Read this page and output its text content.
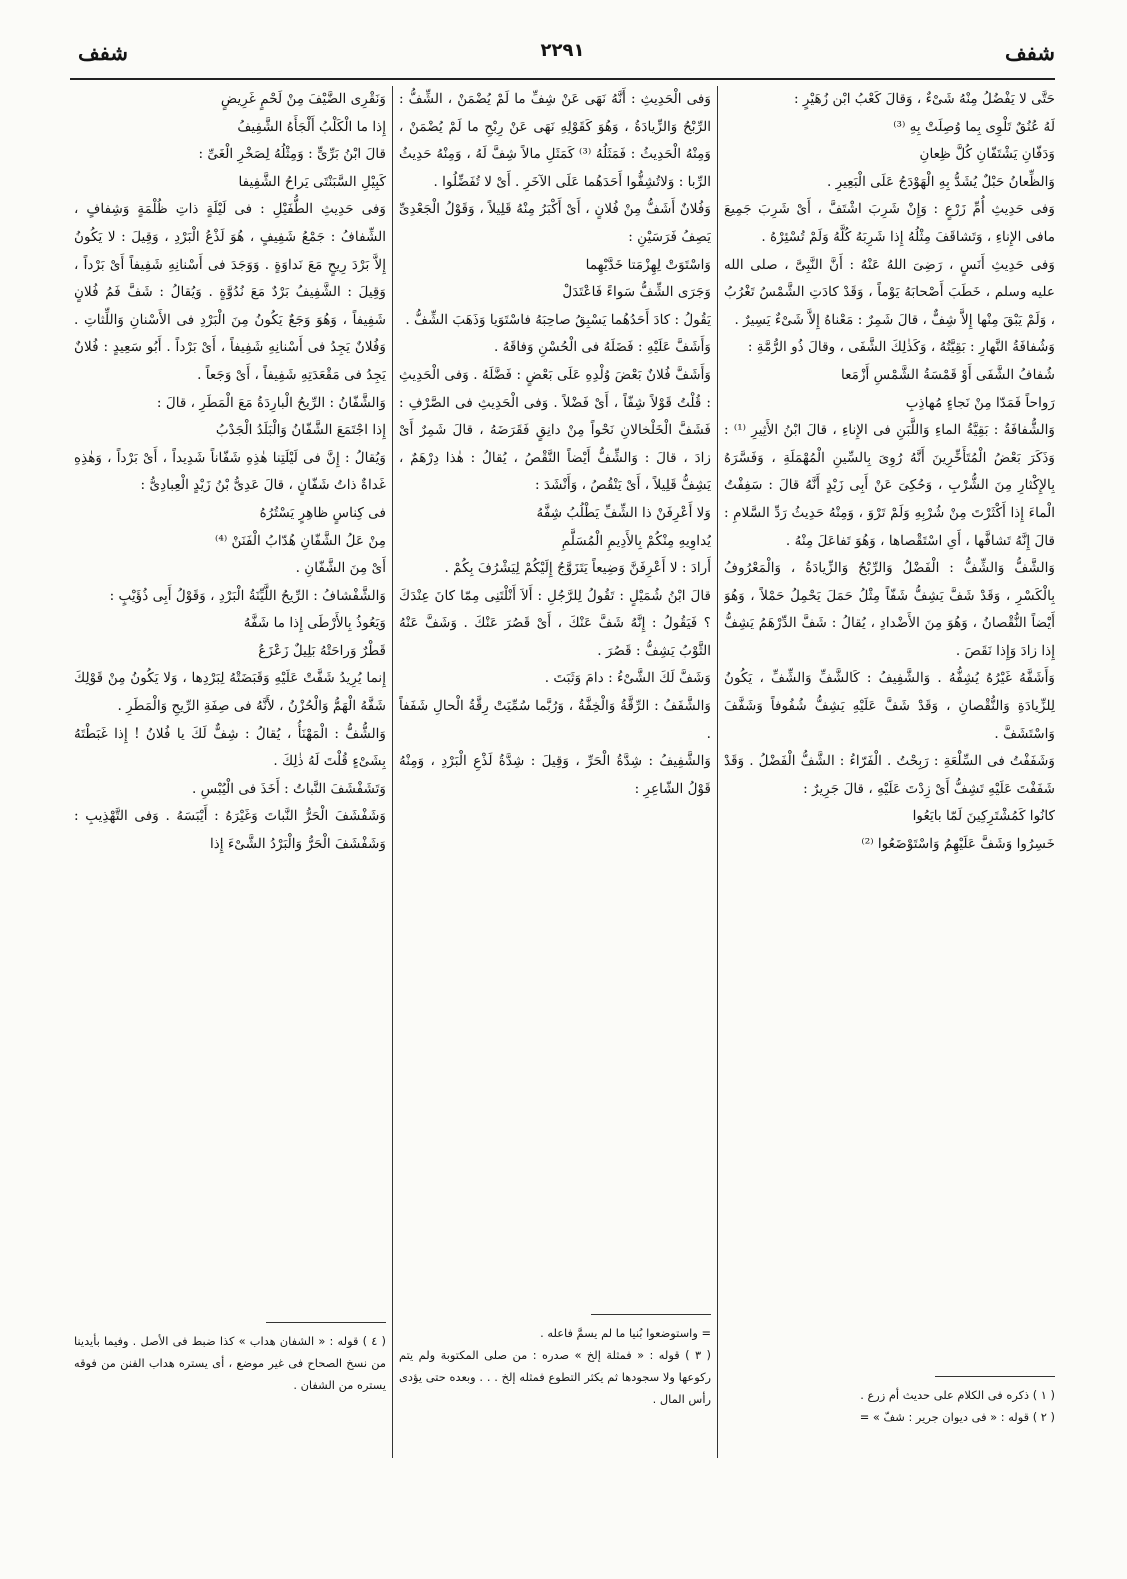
شفف
٢٢٩١
شفف

حَتَّى لا يَفْضُلُ مِنْهُ شَىْءٌ ، وَقالَ كَعْبُ ابْن زُهَيْرٍ :

لَهُ عُنُقٌ تَلْوِى بِما وُصِلَتْ بِهِ ⁽³⁾

وَدَفّانِ يَشْتَفّانِ كُلَّ ظِعانِ

وَالظِّعانُ حَبْلٌ يُشَدُّ بِهِ الْهَوْدَجُ عَلَى الْبَعِيرِ .

وَفى حَدِيثِ أُمِّ زَرْعٍ : وَإِنْ شَرِبَ اشْتَفَّ ، أَىْ شَرِبَ جَمِيعَ مافى الإِناءِ ، وَتَشاقَفَ مِثْلُهُ إِذا شَرِبَهُ كُلَّهُ وَلَمْ تُسْئِرْهُ .

وَفى حَدِيثِ أَنَسٍ ، رَضِىَ اللهُ عَنْهُ : أَنَّ النَّبِىَّ ، صلى الله عليه وسلم ، خَطَبَ أَصْحابَهُ يَوْماً ، وَقَدْ كادَتِ الشَّمْسُ تَغْرُبُ ، وَلَمْ يَبْقَ مِنْها إِلاَّ شِفٌّ ، قالَ شَمِرٌ : مَعْناهُ إِلاَّ شَىْءٌ يَسِيرٌ .

وَشُفافَةُ النَّهارِ : بَقِيَّتُهُ ، وَكَذٰلِكَ الشَّفَى ، وقالَ ذُو الرُّمَّةِ :

شُفافُ الشَّفَى أَوْ قَمْسَةُ الشَّمْسِ أَزْمَعا

رَواحاً فَمَدّا مِنْ نَجاءٍ مُهاذِبِ

وَالشُّفافَةُ : بَقِيَّةُ الماءِ وَاللَّبَنِ فى الإِناءِ ، قالَ ابْنُ الأَثِيرِ ⁽¹⁾ : وَذَكَرَ بَعْضُ الْمُتَأَخِّرِينَ أَنَّهُ رُوِىَ بِالسِّينِ الْمُهْمَلَةِ ، وَفَسَّرَهُ بِالإِكْثارِ مِنَ الشُّرْبِ ، وَحُكِىَ عَنْ أَبِى زَيْدٍ أَنَّهُ قالَ : سَفِفْتُ الْماءَ إِذا أَكْثَرْتَ مِنْ شُرْبِهِ وَلَمْ تَرْوَ ، وَمِنْهُ حَدِيثُ رَدِّ السَّلامِ : قالَ إِنَّهُ تَشافَّها ، أَىِ اسْتَقْصاها ، وَهُوَ تَفاعَلَ مِنْهُ .

وَالشَّفُّ وَالشِّفُّ : الْفَضْلُ وَالرِّبْحُ وَالزِّيادَةُ ، وَالْمَعْرُوفُ بِالْكَسْرِ ، وَقَدْ شَفَّ يَشِفُّ شَفّاً مِثْلُ حَمَلَ يَحْمِلُ حَمْلاً ، وَهُوَ أَيْضاً النُّقْصانُ ، وَهُوَ مِنَ الأَضْدادِ ، يُقالُ : شَفَّ الدِّرْهَمُ يَشِفُّ إِذا زادَ وَإِذا نَقَصَ .

وَأَشَفَّهُ غَيْرُهُ يُشِفُّهُ . وَالشَّفِيفُ : كَالشَّفِّ وَالشِّفِّ ، يَكُونُ لِلزِّيادَةِ وَالنُّقْصانِ ، وَقَدْ شَفَّ عَلَيْهِ يَشِفُّ شُفُوفاً وَشَفَّفَ وَاسْتَشَفَّ .

وَشَفَفْتُ فى السِّلْعَةِ : رَبِحْتُ . الْفَرّاءُ : الشَّفُّ الْفَضْلُ . وَقَدْ شَفَفْتَ عَلَيْهِ تَشِفُّ أَىْ زِدْتَ عَلَيْهِ ، قالَ جَرِيرٌ :

كانُوا كَمُشْتَرِكِينَ لَمّا بايَعُوا

خَسِرُوا وَشَفَّ عَلَيْهِمُ وَاسْتَوْضَعُوا ⁽²⁾

وَفى الْحَدِيثِ : أَنَّهُ نَهَى عَنْ شِفِّ ما لَمْ يُضْمَنْ ، الشِّفُّ : الرِّبْحُ وَالزِّيادَةُ ، وَهُوَ كَقَوْلِهِ نَهَى عَنْ رِبْحِ ما لَمْ يُضْمَنْ ، وَمِنْهُ الْحَدِيثُ : فَمَثَلُهُ ⁽³⁾ كَمَثَلِ مالاً شِفَّ لَهُ ، وَمِنْهُ حَدِيثُ الرِّبا : وَلاتُشِفُّوا أَحَدَهُما عَلَى الآخَرِ . أَىْ لا تُفَضِّلُوا .

وَفُلانٌ أَشَفُّ مِنْ فُلانٍ ، أَىْ أَكْبَرُ مِنْهُ قَلِيلاً ، وَقَوْلُ الْجَعْدِىِّ يَصِفُ فَرَسَيْنِ :

وَاسْتَوَتْ لِهِزْمَتا خَدَّيْهِما

وَجَرَى الشِّفُّ سَواءً فَاعْتَدَلْ

يَقُولُ : كادَ أَحَدُهُما يَسْبِقُ صاحِبَهُ فاسْتَوَيا وَذَهَبَ الشِّفُّ .

وَأَشَفَّ عَلَيْهِ : فَضَلَهُ فى الْحُسْنِ وَفاقَهُ .

وَأَشَفَّ فُلانٌ بَعْضَ وُلْدِهِ عَلَى بَعْضٍ : فَضَّلَهُ . وَفى الْحَدِيثِ : قُلْتُ قَوْلاً شِفّاً ، أَىْ فَضْلاً . وَفى الْحَدِيثِ فى الصَّرْفِ : فَشَفَّ الْخَلْخالانِ نَحْواً مِنْ دانِقٍ فَقَرَضَهُ ، قالَ شَمِرٌ أَىْ زادَ ، قالَ : وَالشِّفُّ أَيْضاً النَّقْصُ ، يُقالُ : هٰذا دِرْهَمٌ ، يَشِفُّ قَلِيلاً ، أَىْ يَنْقُصُ ، وَأَنْشَدَ :

وَلا أَعْرِفَنْ ذا الشِّفِّ يَطْلُبُ شِفَّهُ

يُداوِيهِ مِنْكُمْ بِالأَدِيمِ الْمُسَلَّمِ

أَرادَ : لا أَعْرِفَنَّ وَضِيعاً يَتَزَوَّجُ إِلَيْكُمْ لِيَشْرُفَ بِكُمْ .

قالَ ابْنُ شُمَيْلٍ : تَقُولُ لِلرَّجُلِ : أَلاَ أَنْلْتَنِى مِمّا كانَ عِنْدَكَ ؟ فَيَقُولُ : إِنَّهُ شَفَّ عَنْكَ ، أَىْ قَصُرَ عَنْكَ . وَشَفَّ عَنْهُ الثَّوْبُ يَشِفُّ : قَصُرَ .

وَشَفَّ لَكَ الشَّىْءُ : دامَ وَثَبَتَ .

وَالشَّفَفُ : الرِّقَّةُ وَالْخِفَّةُ ، وَرُبَّما سُمِّيَتْ رِقَّةُ الْحالِ شَفَفاً .

وَالشَّفِيفُ : شِدَّةُ الْحَرِّ ، وَقِيلَ : شِدَّةُ لَذْعِ الْبَرْدِ ، وَمِنْهُ قَوْلُ الشّاعِرِ :

وَنَقْرِى الضَّيْفَ مِنْ لَحْمٍ غَرِيضٍ

إِذا ما الْكَلْبُ أَلْجَأَهُ الشَّفِيفُ

قالَ ابْنُ بَرِّىٍّ : وَمِثْلُهُ لِصَخْرِ الْغَىِّ :

كَبِيْلِ السَّبَنْتَى يَراحُ الشَّفِيفا

وَفى حَدِيثِ الطُّفَيْلِ : فى لَيْلَةٍ ذاتِ ظُلْمَةٍ وَشِفافٍ ، الشِّفافُ : جَمْعُ شَفِيفٍ ، هُوَ لَذْعُ الْبَرْدِ ، وَقِيلَ : لا يَكُونُ إِلاَّ بَرْدَ رِيحٍ مَعَ نَداوَةٍ . وَوَجَدَ فى أَسْنانِهِ شَفِيفاً أَىْ بَرْداً ، وَقِيلَ : الشَّفِيفُ بَرْدٌ مَعَ نُدُوَّةٍ . وَيُقالُ : شَفَّ فَمُ فُلانٍ شَفِيفاً ، وَهُوَ وَجَعٌ يَكُونُ مِنَ الْبَرْدِ فى الأَسْنانِ وَاللِّثاتِ . وَفُلانٌ يَجِدُ فى أَسْنانِهِ شَفِيفاً ، أَىْ بَرْداً . أَبُو سَعِيدٍ : فُلانٌ يَجِدُ فى مَقْعَدَتِهِ شَفِيفاً ، أَىْ وَجَعاً .

وَالشَّفّانُ : الرِّيحُ الْبارِدَةُ مَعَ الْمَطَرِ ، قالَ :

إِذا اجْتَمَعَ الشَّفّانُ وَالْبَلَدُ الْجَدْبُ

وَيُقالُ : إِنَّ فى لَيْلَتِنا هٰذِهِ شَفّاناً شَدِيداً ، أَىْ بَرْداً ، وَهٰذِهِ غَداةٌ ذاتُ شَفّانٍ ، قالَ عَدِىُّ بْنُ زَيْدٍ الْعِبادِىُّ :

فى كِناسٍ ظاهِرٍ يَسْتُرُهُ

مِنْ عَلُ الشَّفّانِ هُدّابُ الْفَنَنْ ⁽⁴⁾

أَىْ مِنَ الشَّفّانِ .

وَالشَّفْشافُ : الرِّيحُ اللَّيِّنَةُ الْبَرْدِ ، وَقَوْلُ أَبِى ذُؤَيْبٍ :

وَيَعُوذُ بِالأَرْطَى إِذا ما شَفَّهُ

قَطْرٌ وَراحَتْهُ بَلِيلٌ زَعْزَعُ

إِنما يُرِيدُ شَفَّتْ عَلَيْهِ وَقَبَضَتْهُ لِبَرْدِها ، وَلا يَكُونُ مِنْ قَوْلِكَ شَفَّهُ الْهَمُّ وَالْحُزْنُ ، لأَنَّهُ فى صِفَةِ الرِّيحِ وَالْمَطَرِ .

وَالشُّفُّ : الْمَهْنَأُ ، يُقالُ : شِفٌّ لَكَ يا فُلانُ ! إِذا غَبَطْتَهُ بِشَىْءٍ قُلْتَ لَهُ ذٰلِكَ .

وَتَشَفْشَفَ النَّباتُ : أَخَذَ فى الْيُبْسِ .

وَشَفْشَفَ الْحَرُّ النَّباتَ وَغَيْرَهُ : أَيْبَسَهُ . وَفى التَّهْذِيبِ : وَشَفْشَفَ الْحَرُّ وَالْبَرْدُ الشَّىْءَ إِذا

( ١ ) ذكره فى الكلام على حديث أم زرع .

( ٢ ) قوله : « فى ديوان جرير : شفّ » =

= واستوضعوا بُنيا ما لم يسمَّ فاعله .

( ٣ ) قوله : « فمثلة إلخ » صدره : من صلى المكتوبة ولم يتم ركوعها ولا سجودها ثم يكثر التطوع فمثله إلخ . . . وبعده حتى يؤدى رأس المال .

( ٤ ) قوله : « الشفان هداب » كذا ضبط فى الأصل . وفيما بأيدينا من نسخ الصحاح فى غير موضع ، أى يستره هداب الفنن من فوقه يستره من الشفان .
